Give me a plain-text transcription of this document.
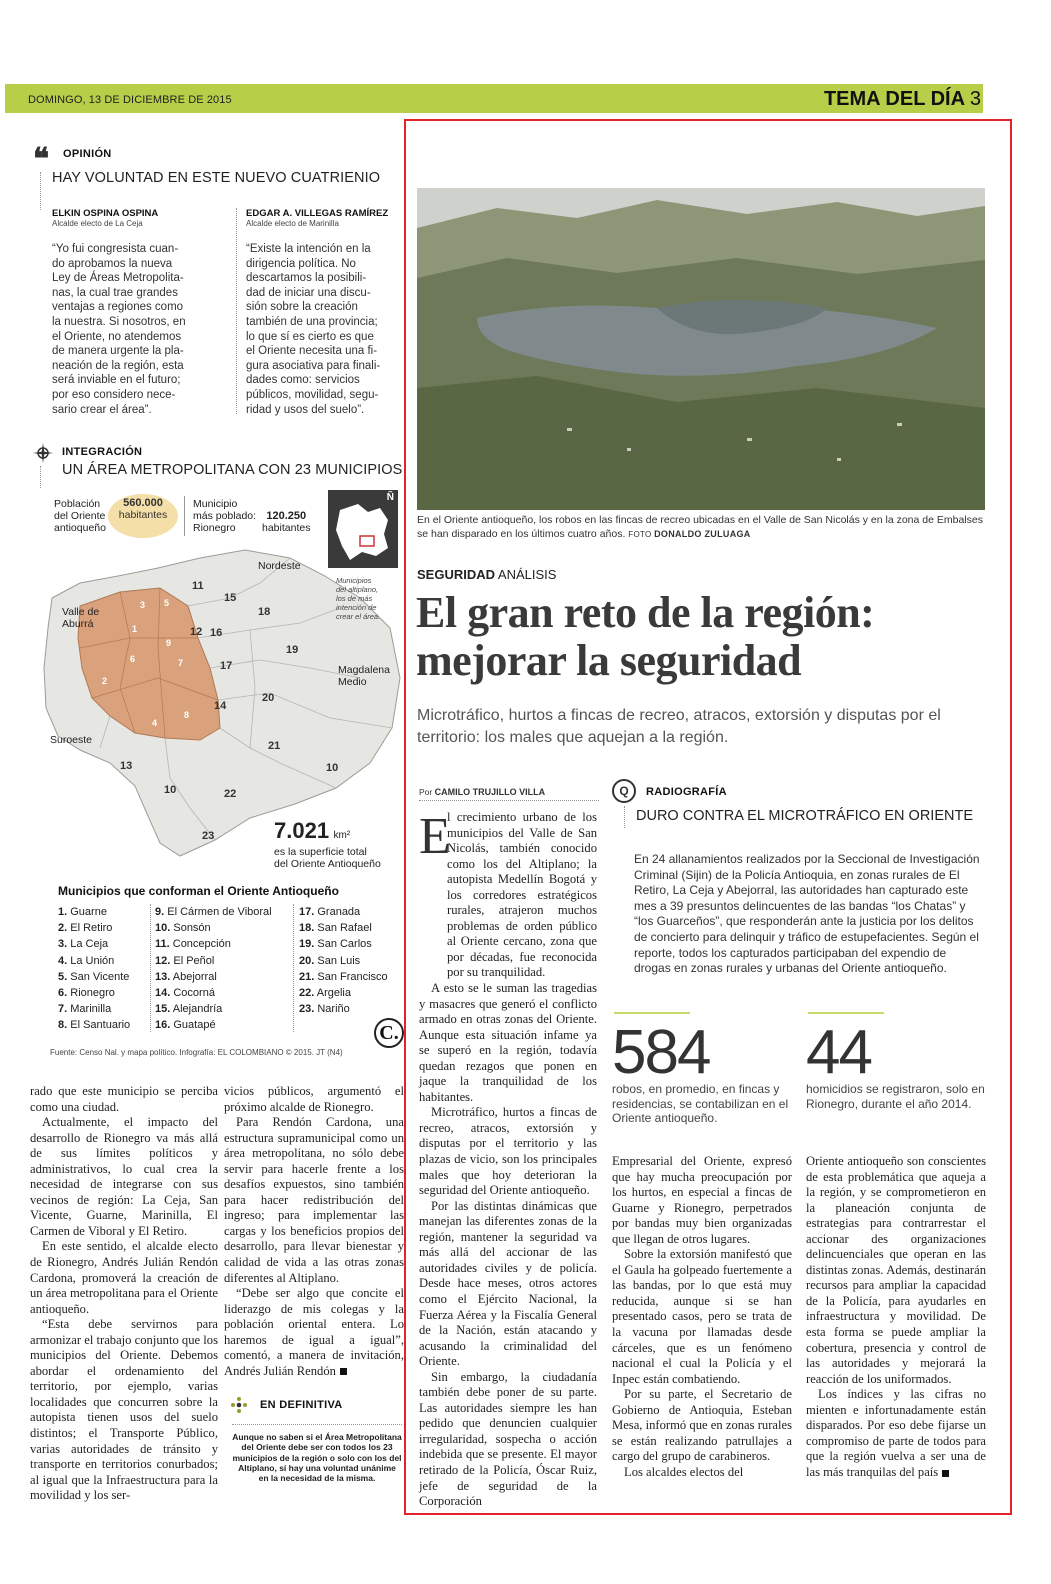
DOMINGO, 13 DE DICIEMBRE DE 2015	TEMA DEL DÍA 3
❝ OPINIÓN
HAY VOLUNTAD EN ESTE NUEVO CUATRIENIO
ELKIN OSPINA OSPINA
Alcalde electo de La Ceja
“Yo fui congresista cuan-
do aprobamos la nueva
Ley de Áreas Metropolita-
nas, la cual trae grandes
ventajas a regiones como
la nuestra. Si nosotros, en
el Oriente, no atendemos
de manera urgente la pla-
neación de la región, esta
será inviable en el futuro;
por eso considero nece-
sario crear el área”.
EDGAR A. VILLEGAS RAMÍREZ
Alcalde electo de Marinilla
“Existe la intención en la
dirigencia política. No
descartamos la posibili-
dad de iniciar una discu-
sión sobre la creación
también de una provincia;
lo que sí es cierto es que
el Oriente necesita una fi-
gura asociativa para finali-
dades como: servicios
públicos, movilidad, segu-
ridad y usos del suelo”.
INTEGRACIÓN
UN ÁREA METROPOLITANA CON 23 MUNICIPIOS
Población
del Oriente
antioqueño
560.000
habitantes
Municipio
más poblado:
Rionegro
120.250
habitantes
Ñ
Nordeste
Valle de
Aburrá
Magdalena
Medio
Suroeste
Municipios
del altiplano,
los de más
intención de
crear el área.
11
15
18
12 16
19
17
20
14
21
13
10
10
22
23
1
2
3
4
5
6	7
8
9
7.021 km²
es la superficie total
del Oriente Antioqueño
Municipios que conforman el Oriente Antioqueño
1. Guarne
2. El Retiro
3. La Ceja
4. La Unión
5. San Vicente
6. Rionegro
7. Marinilla
8. El Santuario
9. El Cármen de Viboral
10. Sonsón
11. Concepción
12. El Peñol
13. Abejorral
14. Cocorná
15. Alejandría
16. Guatapé
17. Granada
18. San Rafael
19. San Carlos
20. San Luis
21. San Francisco
22. Argelia
23. Nariño
C.
Fuente: Censo Nal. y mapa político. Infografía: EL COLOMBIANO © 2015. JT (N4)

rado que este municipio se perciba como una ciudad.

Actualmente, el impacto del desarrollo de Rionegro va más allá de sus límites políticos y administrativos, lo cual crea la necesidad de integrarse con sus vecinos de región: La Ceja, San Vicente, Guarne, Marinilla, El Carmen de Viboral y El Retiro.

En este sentido, el alcalde electo de Rionegro, Andrés Julián Rendón Cardona, promoverá la creación de un área metropolitana para el Oriente antioqueño.

“Esta debe servirnos para armonizar el trabajo conjunto que los municipios del Oriente. Debemos abordar el ordenamiento del territorio, por ejemplo, varias localidades que concurren sobre la autopista tienen usos del suelo distintos; el Transporte Público, varias autoridades de tránsito y transporte en territorios conurbados; al igual que la Infraestructura para la movilidad y los ser-

vicios públicos, argumentó el próximo alcalde de Rionegro.

Para Rendón Cardona, una estructura supramunicipal como un área metropolitana, no sólo debe servir para hacerle frente a los desafíos expuestos, sino también para hacer redistribución del ingreso; para implementar las cargas y los beneficios propios del desarrollo, para llevar bienestar y calidad de vida a las otras zonas diferentes al Altiplano.

“Debe ser algo que concite el liderazgo de mis colegas y la población oriental entera. Lo haremos de igual a igual”, comentó, a manera de invitación, Andrés Julián Rendón

EN DEFINITIVA
Aunque no saben si el Área Metropolitana del Oriente debe ser con todos los 23 municipios de la región o solo con los del Altiplano, sí hay una voluntad unánime en la necesidad de la misma.
En el Oriente antioqueño, los robos en las fincas de recreo ubicadas en el Valle de San Nicolás y en la zona de Embalses se han disparado en los últimos cuatro años. FOTO DONALDO ZULUAGA
SEGURIDAD ANÁLISIS
El gran reto de la región:
mejorar la seguridad
Microtráfico, hurtos a fincas de recreo, atracos, extorsión y disputas por el territorio: los males que aquejan a la región.
Por CAMILO TRUJILLO VILLA
E

l crecimiento urbano de los municipios del Valle de San Nicolás, también conocido como los del Altiplano; la autopista Medellín Bogotá y los corredores estratégicos rurales, atrajeron muchos problemas de orden público al Oriente cercano, zona que por décadas, fue reconocida por su tranquilidad.

A esto se le suman las tragedias y masacres que generó el conflicto armado en otras zonas del Oriente. Aunque esta situación infame ya se superó en la región, todavía quedan rezagos que ponen en jaque la tranquilidad de los habitantes.

Microtráfico, hurtos a fincas de recreo, atracos, extorsión y disputas por el territorio y las plazas de vicio, son los principales males que hoy deterioran la seguridad del Oriente antioqueño.

Por las distintas dinámicas que manejan las diferentes zonas de la región, mantener la seguridad va más allá del accionar de las autoridades civiles y de policía. Desde hace meses, otros actores como el Ejército Nacional, la Fuerza Aérea y la Fiscalía General de la Nación, están atacando y acusando la criminalidad del Oriente.

Sin embargo, la ciudadanía también debe poner de su parte. Las autoridades siempre les han pedido que denuncien cualquier irregularidad, sospecha o acción indebida que se presente. El mayor retirado de la Policía, Óscar Ruiz, jefe de seguridad de la Corporación

Q	RADIOGRAFÍA
DURO CONTRA EL MICROTRÁFICO EN ORIENTE
En 24 allanamientos realizados por la Seccional de Investigación Criminal (Sijin) de la Policía Antioquia, en zonas rurales de El Retiro, La Ceja y Abejorral, las autoridades han capturado este mes a 39 presuntos delincuentes de las bandas “los Chatas” y “los Guarceños”, que responderán ante la justicia por los delitos de concierto para delinquir y tráfico de estupefacientes. Según el reporte, todos los capturados participaban del expendio de drogas en zonas rurales y urbanas del Oriente antioqueño.
584
robos, en promedio, en fincas y residencias, se contabilizan en el Oriente antioqueño.
44
homicidios se registraron, solo en Rionegro, durante el año 2014.

Empresarial del Oriente, expresó que hay mucha preocupación por los hurtos, en especial a fincas de Guarne y Rionegro, perpetrados por bandas muy bien organizadas que llegan de otros lugares.

Sobre la extorsión manifestó que el Gaula ha golpeado fuertemente a las bandas, por lo que está muy reducida, aunque si se han presentado casos, pero se trata de la vacuna por llamadas desde cárceles, que es un fenómeno nacional el cual la Policía y el Inpec están combatiendo.

Por su parte, el Secretario de Gobierno de Antioquia, Esteban Mesa, informó que en zonas rurales se están realizando patrullajes a cargo del grupo de carabineros.

Los alcaldes electos del

Oriente antioqueño son conscientes de esta problemática que aqueja a la región, y se comprometieron en la planeación conjunta de estrategias para contrarrestar el accionar des organizaciones delincuenciales que operan en las distintas zonas. Además, destinarán recursos para ampliar la capacidad de la Policía, para ayudarles en infraestructura y movilidad. De esta forma se puede ampliar la cobertura, presencia y control de las autoridades y mejorará la reacción de los uniformados.

Los índices y las cifras no mienten e infortunadamente están disparados. Por eso debe fijarse un compromiso de parte de todos para que la región vuelva a ser una de las más tranquilas del país
